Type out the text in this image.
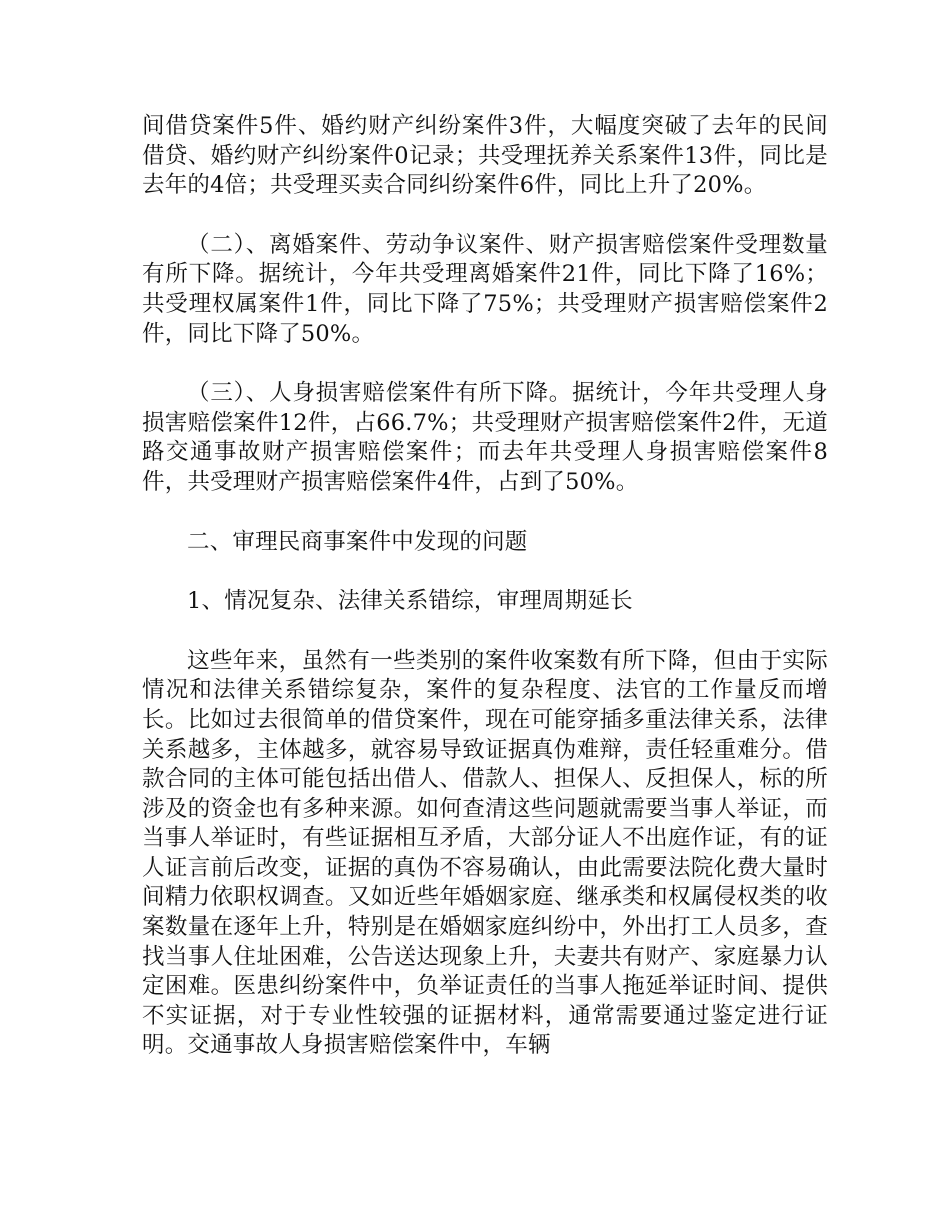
间借贷案件5件、婚约财产纠纷案件3件，大幅度突破了去年的民间借贷、婚约财产纠纷案件0记录；共受理抚养关系案件13件，同比是去年的4倍；共受理买卖合同纠纷案件6件，同比上升了20%。

（二）、离婚案件、劳动争议案件、财产损害赔偿案件受理数量有所下降。据统计，今年共受理离婚案件21件，同比下降了16%；共受理权属案件1件，同比下降了75%；共受理财产损害赔偿案件2件，同比下降了50%。

（三）、人身损害赔偿案件有所下降。据统计，今年共受理人身损害赔偿案件12件，占66.7%；共受理财产损害赔偿案件2件，无道路交通事故财产损害赔偿案件；而去年共受理人身损害赔偿案件8件，共受理财产损害赔偿案件4件，占到了50%。

二、审理民商事案件中发现的问题

1、情况复杂、法律关系错综，审理周期延长

这些年来，虽然有一些类别的案件收案数有所下降，但由于实际情况和法律关系错综复杂，案件的复杂程度、法官的工作量反而增长。比如过去很简单的借贷案件，现在可能穿插多重法律关系，法律关系越多，主体越多，就容易导致证据真伪难辩，责任轻重难分。借款合同的主体可能包括出借人、借款人、担保人、反担保人，标的所涉及的资金也有多种来源。如何查清这些问题就需要当事人举证，而当事人举证时，有些证据相互矛盾，大部分证人不出庭作证，有的证人证言前后改变，证据的真伪不容易确认，由此需要法院化费大量时间精力依职权调查。又如近些年婚姻家庭、继承类和权属侵权类的收案数量在逐年上升，特别是在婚姻家庭纠纷中，外出打工人员多，查找当事人住址困难，公告送达现象上升，夫妻共有财产、家庭暴力认定困难。医患纠纷案件中，负举证责任的当事人拖延举证时间、提供不实证据，对于专业性较强的证据材料，通常需要通过鉴定进行证明。交通事故人身损害赔偿案件中，车辆
